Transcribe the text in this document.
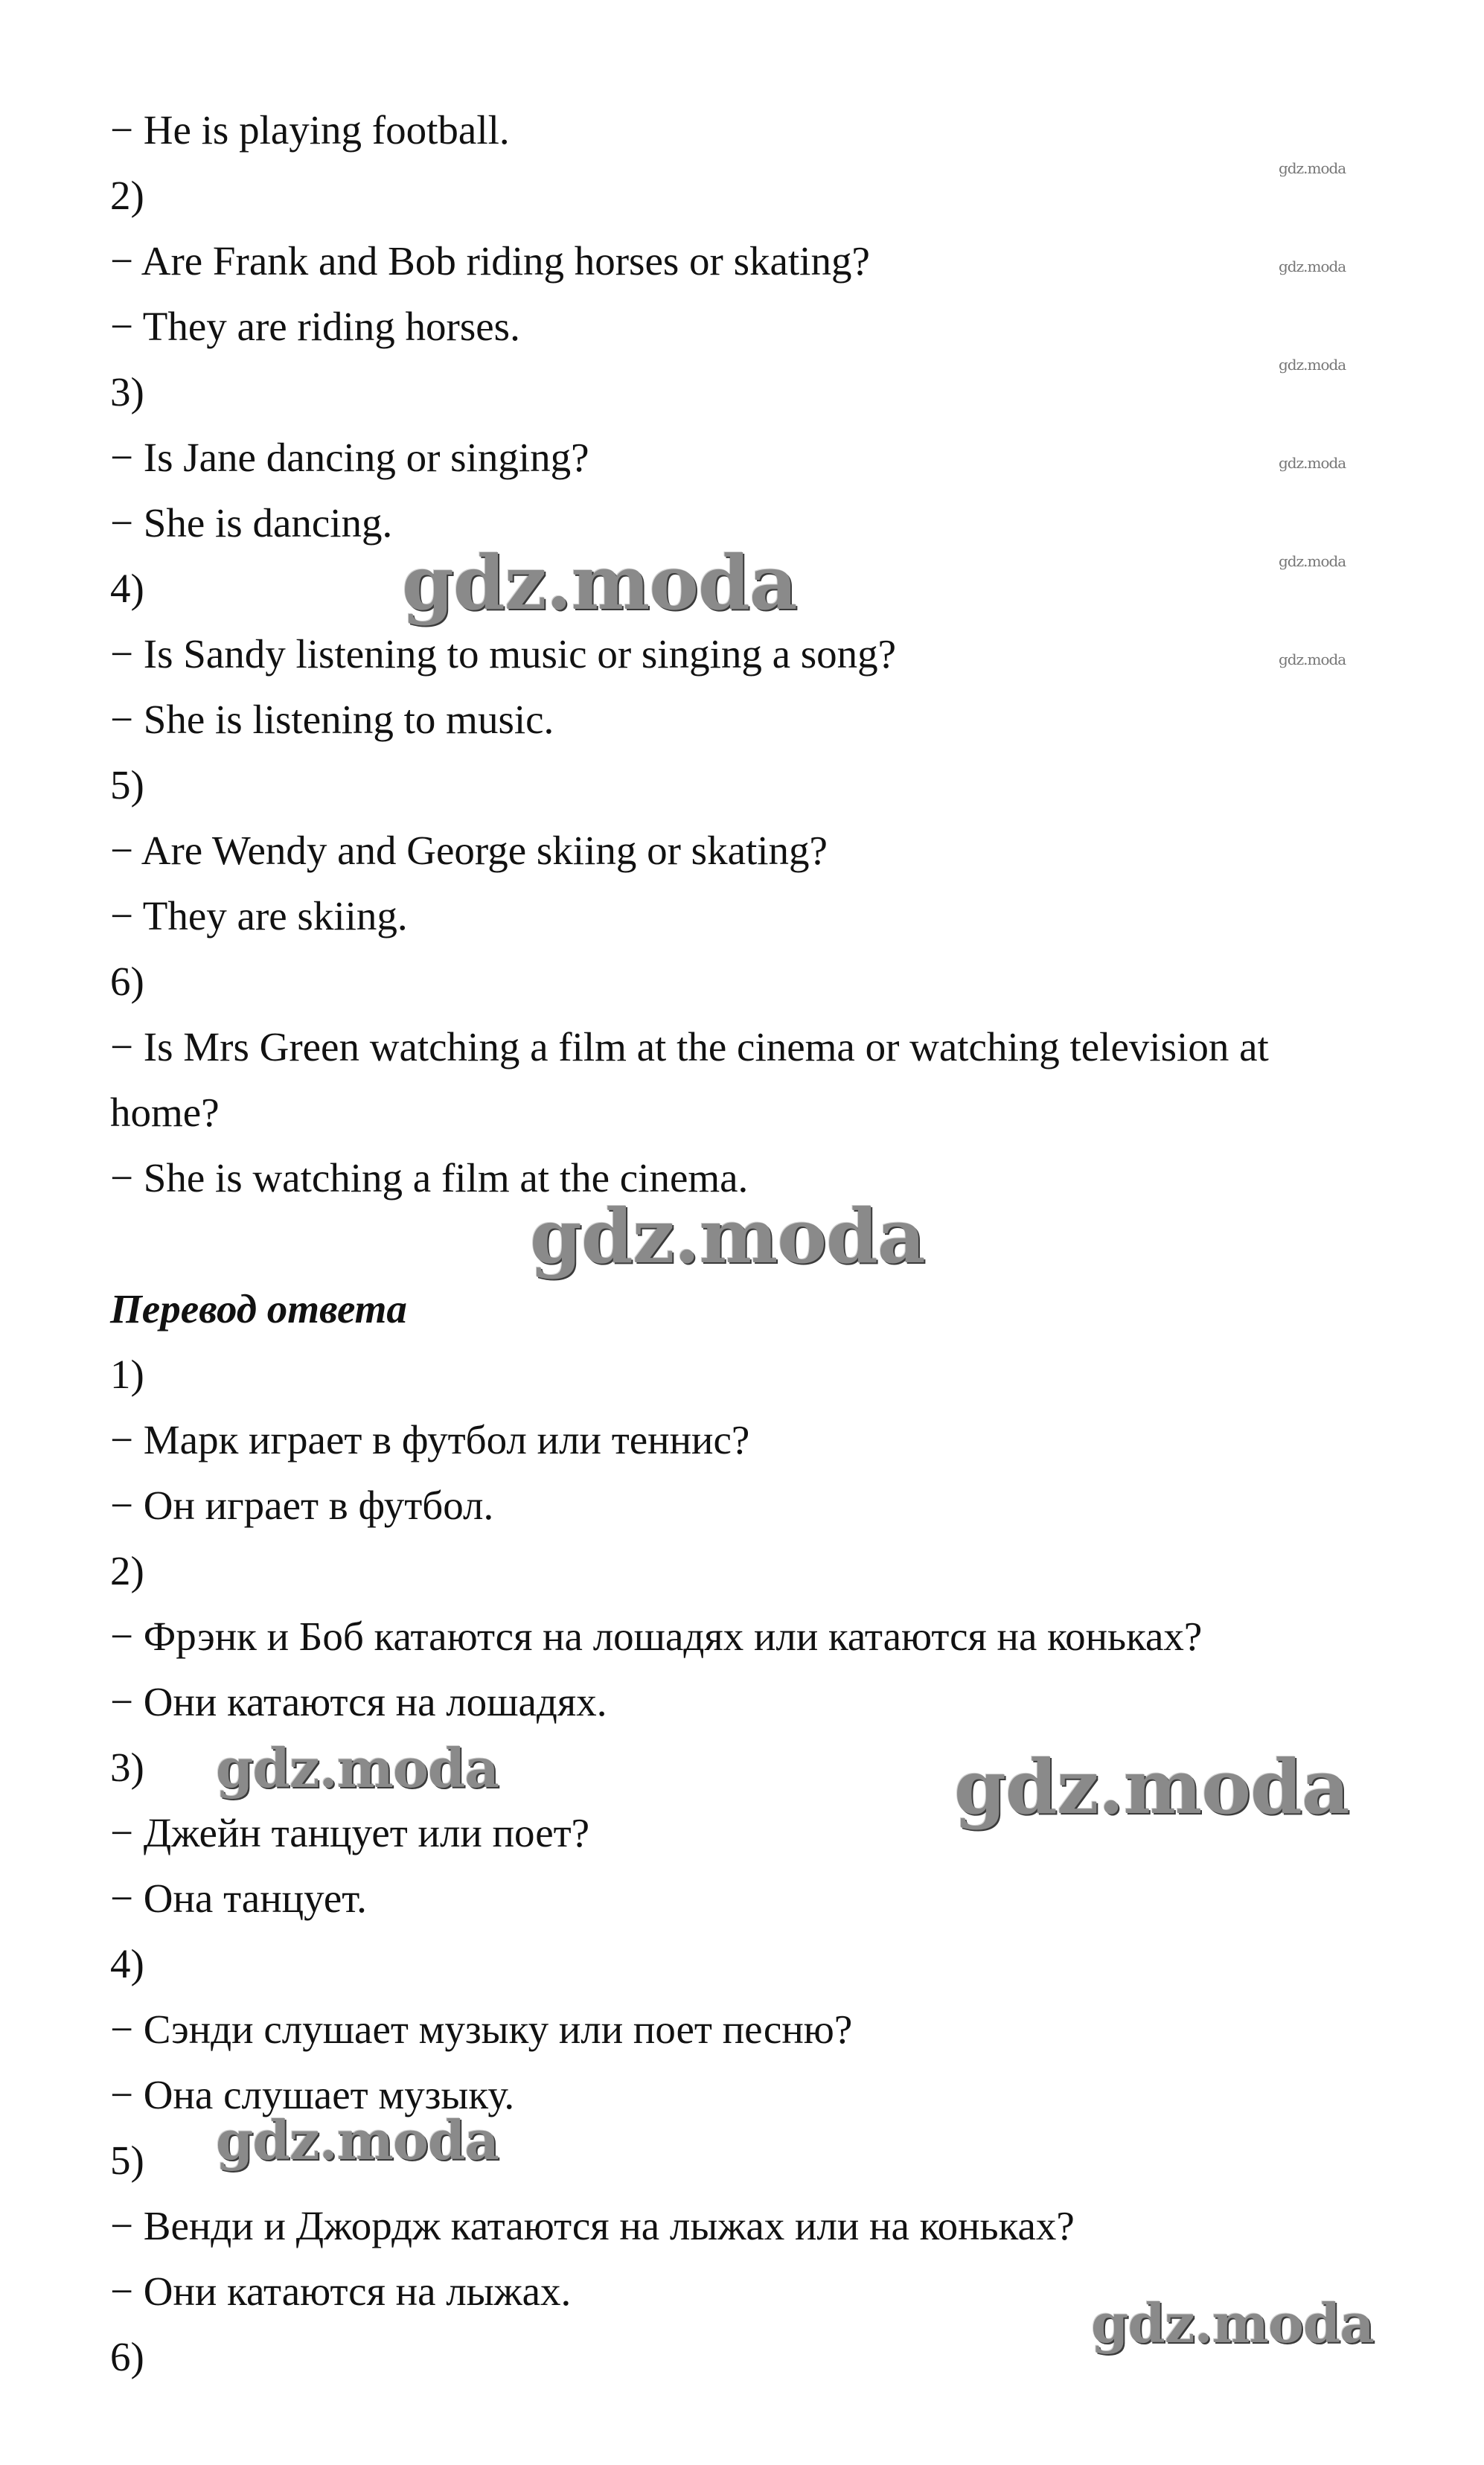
− He is playing football.
2)
− Are Frank and Bob riding horses or skating?
− They are riding horses.
3)
− Is Jane dancing or singing?
− She is dancing.
4)
− Is Sandy listening to music or singing a song?
− She is listening to music.
5)
− Are Wendy and George skiing or skating?
− They are skiing.
6)
− Is Mrs Green watching a film at the cinema or watching television at
home?
− She is watching a film at the cinema.
Перевод ответа
1)
− Марк играет в футбол или теннис?
− Он играет в футбол.
2)
− Фрэнк и Боб катаются на лошадях или катаются на коньках?
− Они катаются на лошадях.
3)
− Джейн танцует или поет?
− Она танцует.
4)
− Сэнди слушает музыку или поет песню?
− Она слушает музыку.
5)
− Венди и Джордж катаются на лыжах или на коньках?
− Они катаются на лыжах.
6)
gdz.moda
gdz.moda
gdz.moda
gdz.moda
gdz.moda
gdz.moda
gdz.moda
gdz.moda
gdz.moda	gdz.moda
gdz.moda
gdz.moda
